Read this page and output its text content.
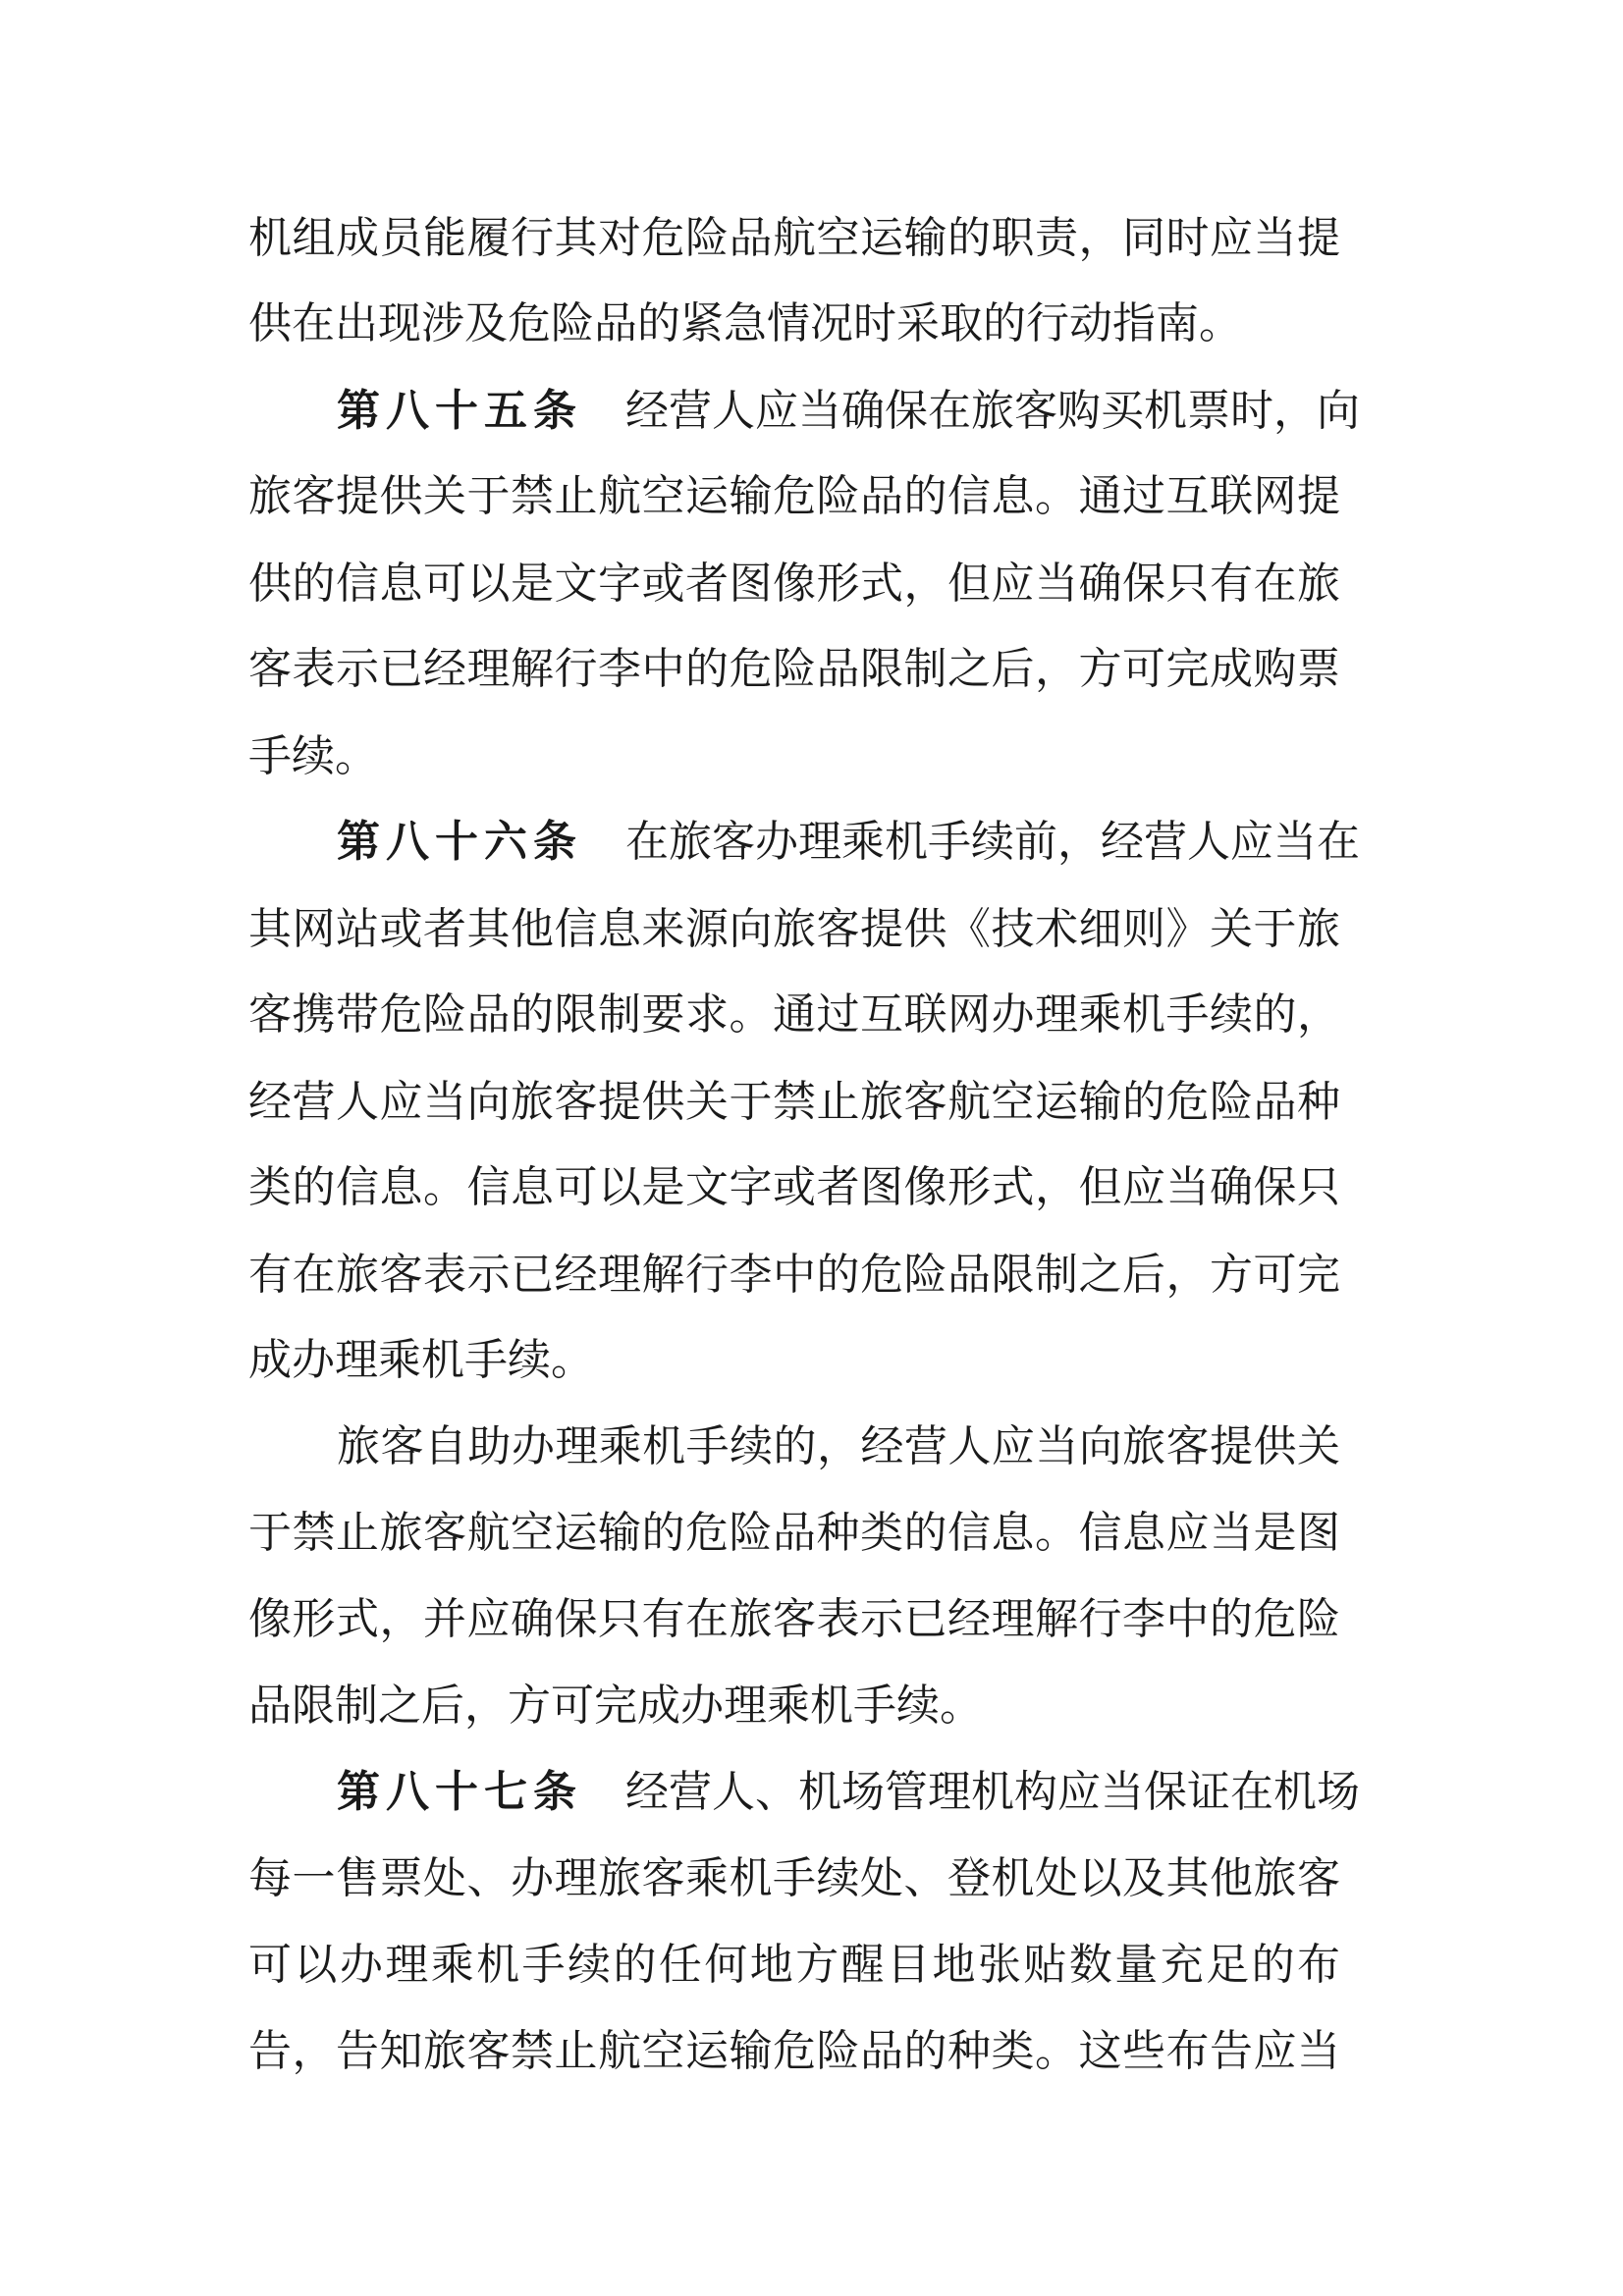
机组成员能履行其对危险品航空运输的职责，同时应当提
供在出现涉及危险品的紧急情况时采取的行动指南。
第八十五条 经营人应当确保在旅客购买机票时，向
旅客提供关于禁止航空运输危险品的信息。通过互联网提
供的信息可以是文字或者图像形式，但应当确保只有在旅
客表示已经理解行李中的危险品限制之后，方可完成购票
手续。
第八十六条 在旅客办理乘机手续前，经营人应当在
其网站或者其他信息来源向旅客提供《技术细则》关于旅
客携带危险品的限制要求。通过互联网办理乘机手续的，
经营人应当向旅客提供关于禁止旅客航空运输的危险品种
类的信息。信息可以是文字或者图像形式，但应当确保只
有在旅客表示已经理解行李中的危险品限制之后，方可完
成办理乘机手续。
旅客自助办理乘机手续的，经营人应当向旅客提供关
于禁止旅客航空运输的危险品种类的信息。信息应当是图
像形式，并应确保只有在旅客表示已经理解行李中的危险
品限制之后，方可完成办理乘机手续。
第八十七条 经营人、机场管理机构应当保证在机场
每一售票处、办理旅客乘机手续处、登机处以及其他旅客
可以办理乘机手续的任何地方醒目地张贴数量充足的布
告，告知旅客禁止航空运输危险品的种类。这些布告应当
